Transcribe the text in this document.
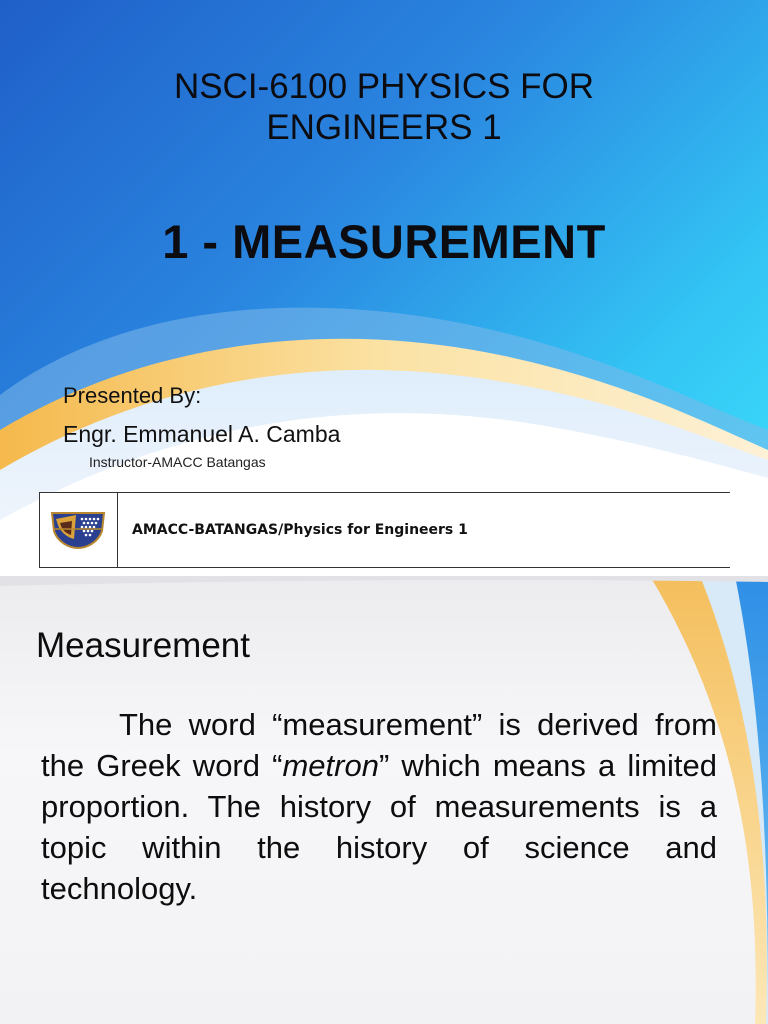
NSCI-6100 PHYSICS FOR
ENGINEERS 1
1 - MEASUREMENT
Presented By:
Engr. Emmanuel A. Camba
Instructor-AMACC Batangas
AMACC-BATANGAS/Physics for Engineers 1
Measurement
The word “measurement” is derived from the Greek word “metron” which means a limited proportion. The history of measurements is a topic within the history of science and technology.
